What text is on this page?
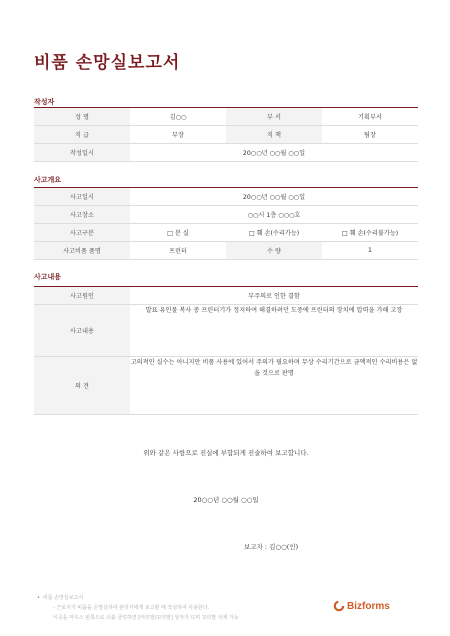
비품 손망실보고서
작성자
성 명	김○○	부 서	기획부서
직 급	부장	직 책	팀장
작성일시	20○○년 ○○월 ○○일		
사고개요
사고일시	20○○년 ○○월 ○○일		
사고장소	○○시 1층 ○○○호		
사고구분	□ 분 실	□ 훼 손(수리가능)	□ 훼 손(수리불가능)
사고비품 품명	프린터	수 량	1
사고내용
사고원인	부주의로 인한 결함
사고내용	발표 유인물 복사 중 프린터기가 정지하여 해결하려던 도중에 프린터의 장치에 압력을 가해 고장
의 견	고의적인 실수는 아니지만 비품 사용에 있어서 주의가 필요하며 무상 수리기간으로 금액적인 수리비용은 없을 것으로 판명
위와 같은 사항으로 진실에 부합되게 진술하여 보고합니다.
20○○년 ○○월 ○○일
보고자 : 김○○(인)
• 비품 손망실보고서
- 근로자가 비품을 손망실하여 관리자에게 보고할 때 작성하여 사용한다.
이곳을 마우스 왼쪽으로 더블 클릭하면 [머리말/꼬리말] 상자가 뜨며 꼬리말 삭제 가능
Bizforms
